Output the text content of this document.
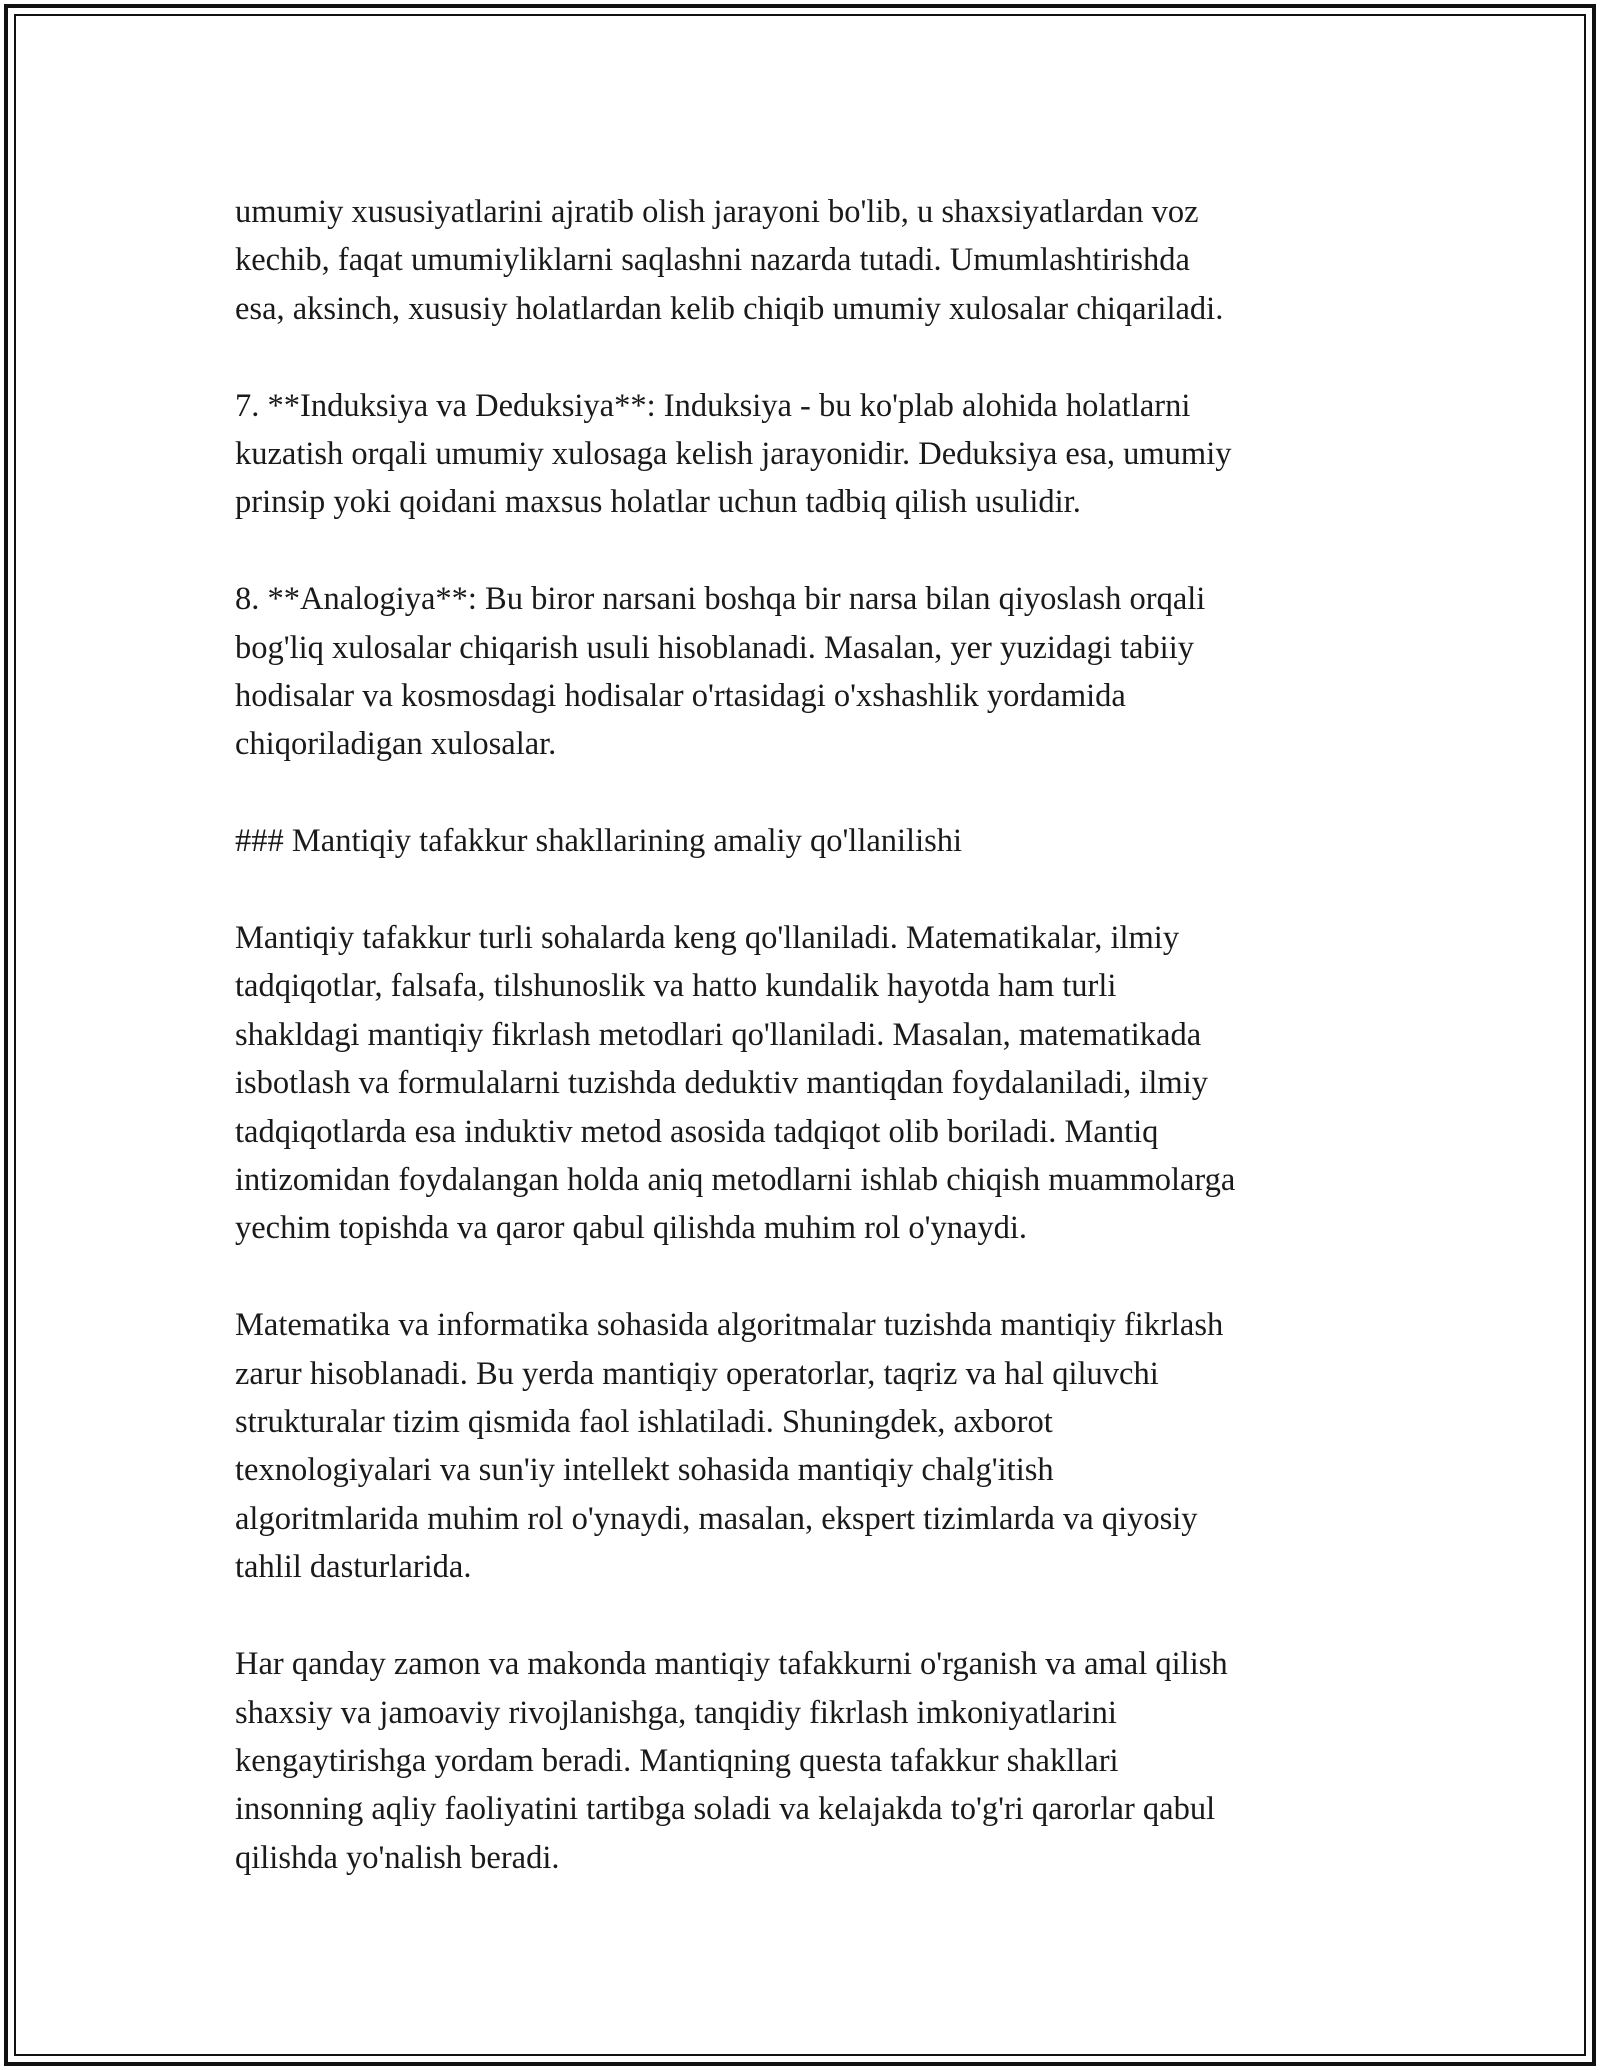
umumiy xususiyatlarini ajratib olish jarayoni bo'lib, u shaxsiyatlardan voz
kechib, faqat umumiyliklarni saqlashni nazarda tutadi. Umumlashtirishda
esa, aksinch, xususiy holatlardan kelib chiqib umumiy xulosalar chiqariladi.

7. **Induksiya va Deduksiya**: Induksiya - bu ko'plab alohida holatlarni
kuzatish orqali umumiy xulosaga kelish jarayonidir. Deduksiya esa, umumiy
prinsip yoki qoidani maxsus holatlar uchun tadbiq qilish usulidir.

8. **Analogiya**: Bu biror narsani boshqa bir narsa bilan qiyoslash orqali
bog'liq xulosalar chiqarish usuli hisoblanadi. Masalan, yer yuzidagi tabiiy
hodisalar va kosmosdagi hodisalar o'rtasidagi o'xshashlik yordamida
chiqoriladigan xulosalar.

### Mantiqiy tafakkur shakllarining amaliy qo'llanilishi

Mantiqiy tafakkur turli sohalarda keng qo'llaniladi. Matematikalar, ilmiy
tadqiqotlar, falsafa, tilshunoslik va hatto kundalik hayotda ham turli
shakldagi mantiqiy fikrlash metodlari qo'llaniladi. Masalan, matematikada
isbotlash va formulalarni tuzishda deduktiv mantiqdan foydalaniladi, ilmiy
tadqiqotlarda esa induktiv metod asosida tadqiqot olib boriladi. Mantiq
intizomidan foydalangan holda aniq metodlarni ishlab chiqish muammolarga
yechim topishda va qaror qabul qilishda muhim rol o'ynaydi.

Matematika va informatika sohasida algoritmalar tuzishda mantiqiy fikrlash
zarur hisoblanadi. Bu yerda mantiqiy operatorlar, taqriz va hal qiluvchi
strukturalar tizim qismida faol ishlatiladi. Shuningdek, axborot
texnologiyalari va sun'iy intellekt sohasida mantiqiy chalg'itish
algoritmlarida muhim rol o'ynaydi, masalan, ekspert tizimlarda va qiyosiy
tahlil dasturlarida.

Har qanday zamon va makonda mantiqiy tafakkurni o'rganish va amal qilish
shaxsiy va jamoaviy rivojlanishga, tanqidiy fikrlash imkoniyatlarini
kengaytirishga yordam beradi. Mantiqning questa tafakkur shakllari
insonning aqliy faoliyatini tartibga soladi va kelajakda to'g'ri qarorlar qabul
qilishda yo'nalish beradi.
